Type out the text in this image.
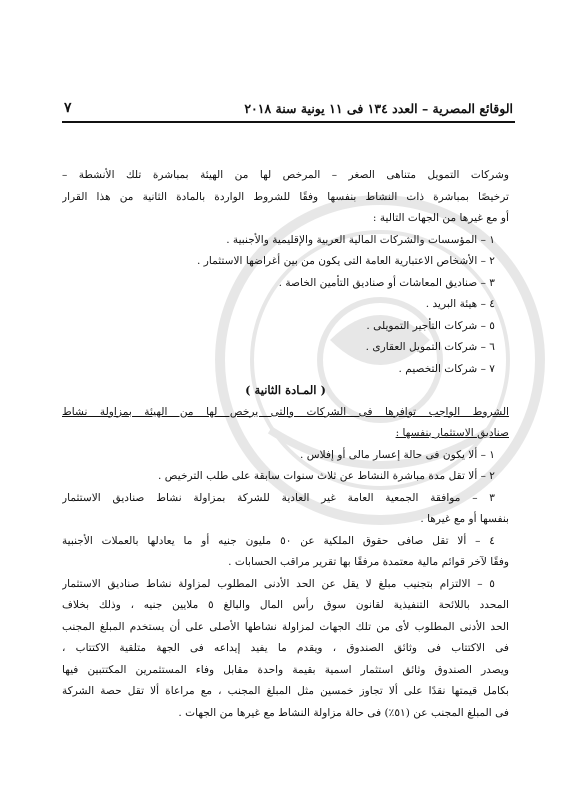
الوقائع المصرية – العدد ١٣٤ فى ١١ يونية سنة ٢٠١٨
٧
وشركات التمويل متناهى الصغر – المرخص لها من الهيئة بمباشرة تلك الأنشطة –
ترخيصًا بمباشرة ذات النشاط بنفسها وفقًا للشروط الواردة بالمادة الثانية من هذا القرار
أو مع غيرها من الجهات التالية :
١ – المؤسسات والشركات المالية العربية والإقليمية والأجنبية .
٢ – الأشخاص الاعتبارية العامة التى يكون من بين أغراضها الاستثمار .
٣ – صناديق المعاشات أو صناديق التأمين الخاصة .
٤ – هيئة البريد .
٥ – شركات التأجير التمويلى .
٦ – شركات التمويل العقارى .
٧ – شركات التخصيم .
( المـادة الثانية )
الشروط الواجب توافرها فى الشركات والتى يرخص لها من الهيئة بمزاولة نشاط
صناديق الاستثمار بنفسها :
١ – ألا يكون فى حالة إعسار مالى أو إفلاس .
٢ – ألا تقل مدة مباشرة النشاط عن ثلاث سنوات سابقة على طلب الترخيص .
٣ – موافقة الجمعية العامة غير العادية للشركة بمزاولة نشاط صناديق الاستثمار
بنفسها أو مع غيرها .
٤ – ألا تقل صافى حقوق الملكية عن ٥٠ مليون جنيه أو ما يعادلها بالعملات الأجنبية
وفقًا لآخر قوائم مالية معتمدة مرفقًا بها تقرير مراقب الحسابات .
٥ – الالتزام بتجنيب مبلغ لا يقل عن الحد الأدنى المطلوب لمزاولة نشاط صناديق الاستثمار
المحدد باللائحة التنفيذية لقانون سوق رأس المال والبالغ ٥ ملايين جنيه ، وذلك بخلاف
الحد الأدنى المطلوب لأى من تلك الجهات لمزاولة نشاطها الأصلى على أن يستخدم المبلغ المجنب
فى الاكتتاب فى وثائق الصندوق ، ويقدم ما يفيد إيداعه فى الجهة متلقية الاكتتاب ،
ويصدر الصندوق وثائق استثمار اسمية بقيمة واحدة مقابل وفاء المستثمرين المكتتبين فيها
بكامل قيمتها نقدًا على ألا تجاوز خمسين مثل المبلغ المجنب ، مع مراعاة ألا تقل حصة الشركة
فى المبلغ المجنب عن (٥١٪) فى حالة مزاولة النشاط مع غيرها من الجهات .
